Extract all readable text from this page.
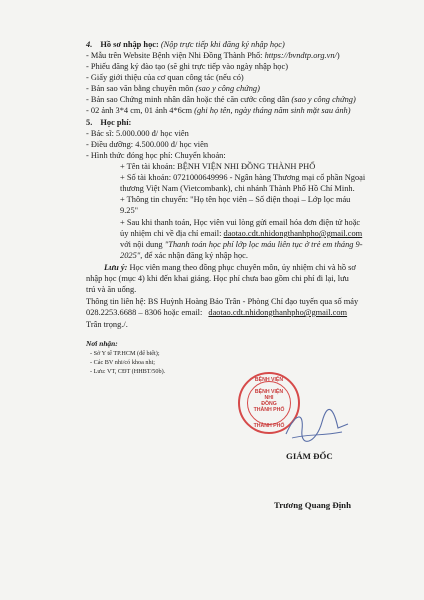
4. Hồ sơ nhập học: (Nộp trực tiếp khi đăng ký nhập học)
- Mẫu trên Website Bệnh viện Nhi Đồng Thành Phố: https://bvndtp.org.vn/)
- Phiếu đăng ký đào tạo (sẽ ghi trực tiếp vào ngày nhập học)
- Giấy giới thiệu của cơ quan công tác (nếu có)
- Bản sao văn bằng chuyên môn (sao y công chứng)
- Bản sao Chứng minh nhân dân hoặc thẻ căn cước công dân (sao y công chứng)
- 02 ảnh 3*4 cm, 01 ảnh 4*6cm (ghi họ tên, ngày tháng năm sinh mặt sau ảnh)
5. Học phí:
- Bác sĩ: 5.000.000 đ/ học viên
- Điều dưỡng: 4.500.000 đ/ học viên
- Hình thức đóng học phí: Chuyển khoản:
+ Tên tài khoản: BỆNH VIỆN NHI ĐỒNG THÀNH PHỐ
+ Số tài khoản: 0721000649996 - Ngân hàng Thương mại cổ phần Ngoại
thương Việt Nam (Vietcombank), chi nhánh Thành Phố Hồ Chí Minh.
+ Thông tin chuyển: "Họ tên học viên – Số điện thoại – Lớp lọc máu
9.25"
+ Sau khi thanh toán, Học viên vui lòng gửi email hóa đơn điện tử hoặc
ủy nhiệm chi về địa chỉ email: daotao.cdt.nhidongthanhpho@gmail.com
với nội dung "Thanh toán học phí lớp lọc máu liên tục ở trẻ em tháng 9-
2025", để xác nhận đăng ký nhập học.
Lưu ý: Học viên mang theo đồng phục chuyên môn, ủy nhiệm chi và hồ sơ
nhập học (mục 4) khi đến khai giảng. Học phí chưa bao gồm chi phí đi lại, lưu
trú và ăn uống.
Thông tin liên hệ: BS Huỳnh Hoàng Bảo Trân - Phòng Chỉ đạo tuyến qua số máy
028.2253.6688 – 8306 hoặc email: daotao.cdt.nhidongthanhpho@gmail.com
Trân trọng./.
Nơi nhận:
- Sở Y tế TP.HCM (để biết);
- Các BV nhi/có khoa nhi;
- Lưu: VT, CĐT (HHBT/50b).
BỆNH VIỆN
BỆNH VIỆN
NHI
ĐỒNG
THÀNH PHỐ
THÀNH PHỐ
GIÁM ĐỐC
Trương Quang Định
